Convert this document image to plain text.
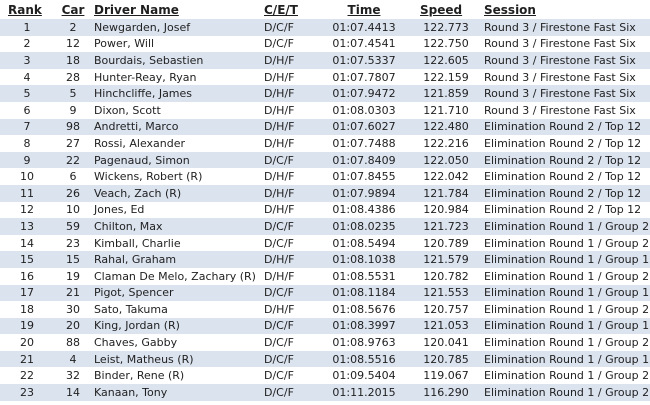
Rank	Car	Driver Name	C/E/T	Time	Speed	Session
1	2	Newgarden, Josef	D/C/F	01:07.4413	122.773	Round 3 / Firestone Fast Six
2	12	Power, Will	D/C/F	01:07.4541	122.750	Round 3 / Firestone Fast Six
3	18	Bourdais, Sebastien	D/H/F	01:07.5337	122.605	Round 3 / Firestone Fast Six
4	28	Hunter-Reay, Ryan	D/H/F	01:07.7807	122.159	Round 3 / Firestone Fast Six
5	5	Hinchcliffe, James	D/H/F	01:07.9472	121.859	Round 3 / Firestone Fast Six
6	9	Dixon, Scott	D/H/F	01:08.0303	121.710	Round 3 / Firestone Fast Six
7	98	Andretti, Marco	D/H/F	01:07.6027	122.480	Elimination Round 2 / Top 12
8	27	Rossi, Alexander	D/H/F	01:07.7488	122.216	Elimination Round 2 / Top 12
9	22	Pagenaud, Simon	D/C/F	01:07.8409	122.050	Elimination Round 2 / Top 12
10	6	Wickens, Robert (R)	D/H/F	01:07.8455	122.042	Elimination Round 2 / Top 12
11	26	Veach, Zach (R)	D/H/F	01:07.9894	121.784	Elimination Round 2 / Top 12
12	10	Jones, Ed	D/H/F	01:08.4386	120.984	Elimination Round 2 / Top 12
13	59	Chilton, Max	D/C/F	01:08.0235	121.723	Elimination Round 1 / Group 2
14	23	Kimball, Charlie	D/C/F	01:08.5494	120.789	Elimination Round 1 / Group 2
15	15	Rahal, Graham	D/H/F	01:08.1038	121.579	Elimination Round 1 / Group 1
16	19	Claman De Melo, Zachary (R)	D/H/F	01:08.5531	120.782	Elimination Round 1 / Group 2
17	21	Pigot, Spencer	D/C/F	01:08.1184	121.553	Elimination Round 1 / Group 1
18	30	Sato, Takuma	D/H/F	01:08.5676	120.757	Elimination Round 1 / Group 2
19	20	King, Jordan (R)	D/C/F	01:08.3997	121.053	Elimination Round 1 / Group 1
20	88	Chaves, Gabby	D/C/F	01:08.9763	120.041	Elimination Round 1 / Group 2
21	4	Leist, Matheus (R)	D/C/F	01:08.5516	120.785	Elimination Round 1 / Group 1
22	32	Binder, Rene (R)	D/C/F	01:09.5404	119.067	Elimination Round 1 / Group 2
23	14	Kanaan, Tony	D/C/F	01:11.2015	116.290	Elimination Round 1 / Group 2
